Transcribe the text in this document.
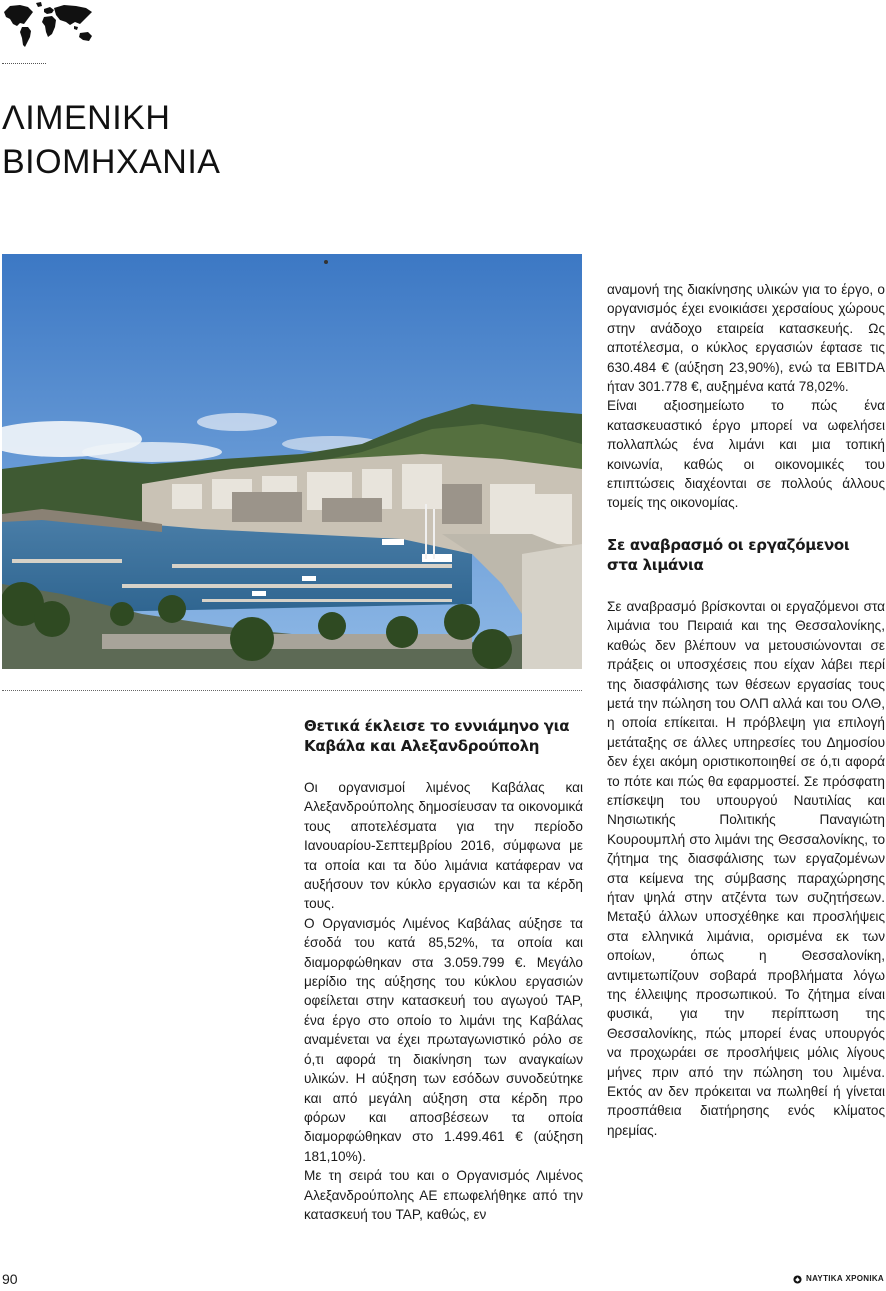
ΛΙΜΕΝΙΚΗ
ΒΙΟΜΗΧΑΝΙΑ
Θετικά έκλεισε το εννιάμηνο για Καβάλα και Αλεξανδρούπολη

Οι οργανισμοί λιμένος Καβάλας και Αλεξανδρούπολης δημοσίευσαν τα οικονομικά τους αποτελέσματα για την περίοδο Ιανουαρίου-Σεπτεμβρίου 2016, σύμφωνα με τα οποία και τα δύο λιμάνια κατάφεραν να αυξήσουν τον κύκλο εργασιών και τα κέρδη τους.

Ο Οργανισμός Λιμένος Καβάλας αύξησε τα έσοδά του κατά 85,52%, τα οποία και διαμορφώθηκαν στα 3.059.799 €. Μεγάλο μερίδιο της αύξησης του κύκλου εργασιών οφείλεται στην κατασκευή του αγωγού TAP, ένα έργο στο οποίο το λιμάνι της Καβάλας αναμένεται να έχει πρωταγωνιστικό ρόλο σε ό,τι αφορά τη διακίνηση των αναγκαίων υλικών. Η αύξηση των εσόδων συνοδεύτηκε και από μεγάλη αύξηση στα κέρδη προ φόρων και αποσβέσεων τα οποία διαμορφώθηκαν στο 1.499.461 € (αύξηση 181,10%).

Με τη σειρά του και ο Οργανισμός Λιμένος Αλεξανδρούπολης ΑΕ επωφελήθηκε από την κατασκευή του TAP, καθώς, εν

αναμονή της διακίνησης υλικών για το έργο, ο οργανισμός έχει ενοικιάσει χερσαίους χώρους στην ανάδοχο εταιρεία κατασκευής. Ως αποτέλεσμα, ο κύκλος εργασιών έφτασε τις 630.484 € (αύξηση 23,90%), ενώ τα EBITDA ήταν 301.778 €, αυξημένα κατά 78,02%.

Είναι αξιοσημείωτο το πώς ένα κατασκευαστικό έργο μπορεί να ωφελήσει πολλαπλώς ένα λιμάνι και μια τοπική κοινωνία, καθώς οι οικονομικές του επιπτώσεις διαχέονται σε πολλούς άλλους τομείς της οικονομίας.

Σε αναβρασμό οι εργαζόμενοι στα λιμάνια

Σε αναβρασμό βρίσκονται οι εργαζόμενοι στα λιμάνια του Πειραιά και της Θεσσαλονίκης, καθώς δεν βλέπουν να μετουσιώνονται σε πράξεις οι υποσχέσεις που είχαν λάβει περί της διασφάλισης των θέσεων εργασίας τους μετά την πώληση του ΟΛΠ αλλά και του ΟΛΘ, η οποία επίκειται. Η πρόβλεψη για επιλογή μετάταξης σε άλλες υπηρεσίες του Δημοσίου δεν έχει ακόμη οριστικοποιηθεί σε ό,τι αφορά το πότε και πώς θα εφαρμοστεί. Σε πρόσφατη επίσκεψη του υπουργού Ναυτιλίας και Νησιωτικής Πολιτικής Παναγιώτη Κουρουμπλή στο λιμάνι της Θεσσαλονίκης, το ζήτημα της διασφάλισης των εργαζομένων στα κείμενα της σύμβασης παραχώρησης ήταν ψηλά στην ατζέντα των συζητήσεων. Μεταξύ άλλων υποσχέθηκε και προσλήψεις στα ελληνικά λιμάνια, ορισμένα εκ των οποίων, όπως η Θεσσαλονίκη, αντιμετωπίζουν σοβαρά προβλήματα λόγω της έλλειψης προσωπικού. Το ζήτημα είναι φυσικά, για την περίπτωση της Θεσσαλονίκης, πώς μπορεί ένας υπουργός να προχωράει σε προσλήψεις μόλις λίγους μήνες πριν από την πώληση του λιμένα. Εκτός αν δεν πρόκειται να πωληθεί ή γίνεται προσπάθεια διατήρησης ενός κλίματος ηρεμίας.

90	ΝΑΥΤΙΚΑ ΧΡΟΝΙΚΑ
